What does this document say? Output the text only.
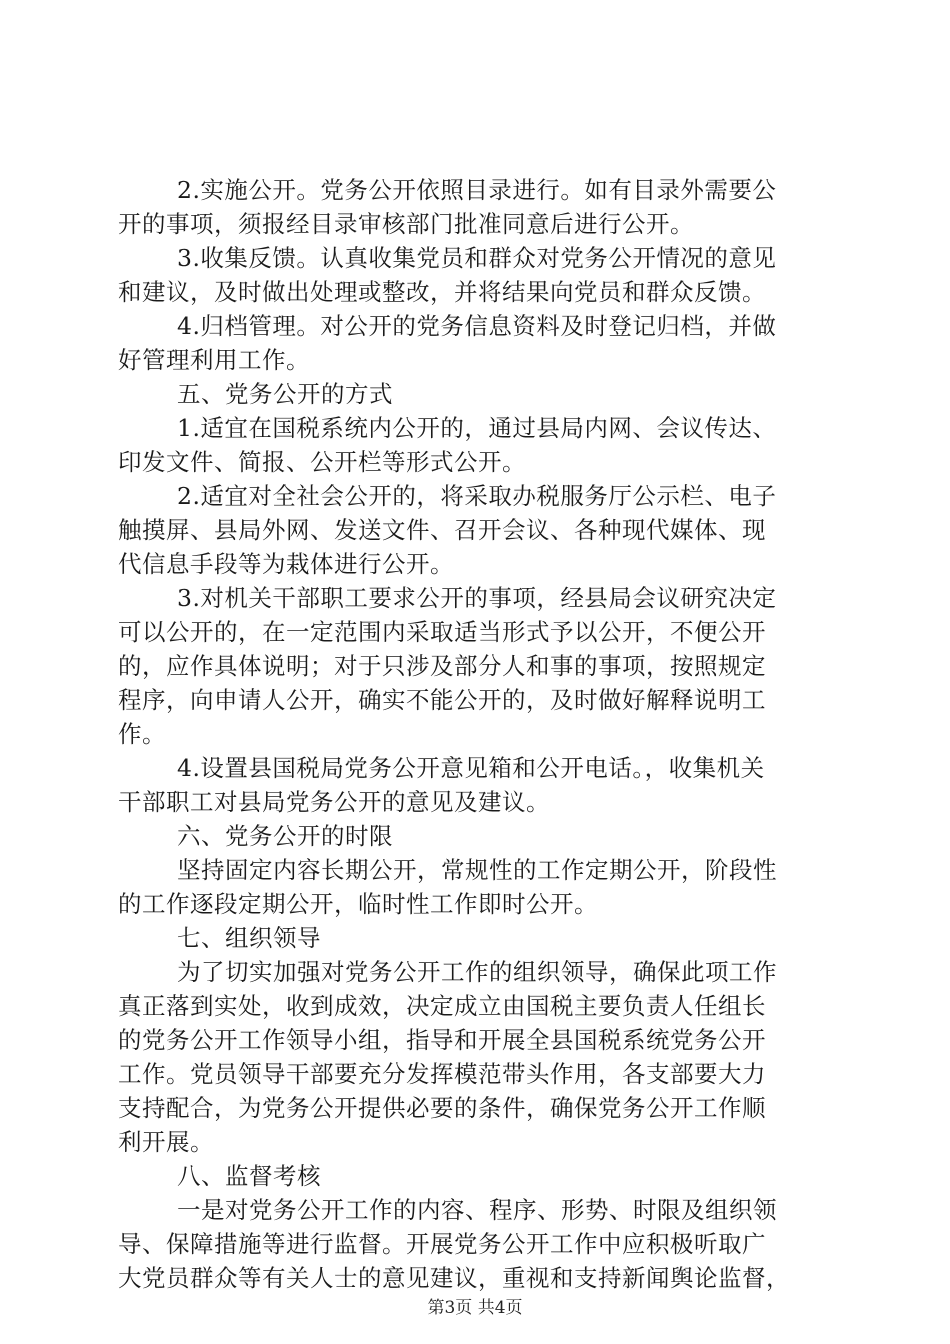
2.实施公开。党务公开依照目录进行。如有目录外需要公
开的事项，须报经目录审核部门批准同意后进行公开。
3.收集反馈。认真收集党员和群众对党务公开情况的意见
和建议，及时做出处理或整改，并将结果向党员和群众反馈。
4.归档管理。对公开的党务信息资料及时登记归档，并做
好管理利用工作。
五、党务公开的方式
1.适宜在国税系统内公开的，通过县局内网、会议传达、
印发文件、简报、公开栏等形式公开。
2.适宜对全社会公开的，将采取办税服务厅公示栏、电子
触摸屏、县局外网、发送文件、召开会议、各种现代媒体、现
代信息手段等为栽体进行公开。
3.对机关干部职工要求公开的事项，经县局会议研究决定
可以公开的，在一定范围内采取适当形式予以公开，不便公开
的，应作具体说明；对于只涉及部分人和事的事项，按照规定
程序，向申请人公开，确实不能公开的，及时做好解释说明工
作。
4.设置县国税局党务公开意见箱和公开电话。，收集机关
干部职工对县局党务公开的意见及建议。
六、党务公开的时限
坚持固定内容长期公开，常规性的工作定期公开，阶段性
的工作逐段定期公开，临时性工作即时公开。
七、组织领导
为了切实加强对党务公开工作的组织领导，确保此项工作
真正落到实处，收到成效，决定成立由国税主要负责人任组长
的党务公开工作领导小组，指导和开展全县国税系统党务公开
工作。党员领导干部要充分发挥模范带头作用，各支部要大力
支持配合，为党务公开提供必要的条件，确保党务公开工作顺
利开展。
八、监督考核
一是对党务公开工作的内容、程序、形势、时限及组织领
导、保障措施等进行监督。开展党务公开工作中应积极听取广
大党员群众等有关人士的意见建议，重视和支持新闻舆论监督，
第3页 共4页
